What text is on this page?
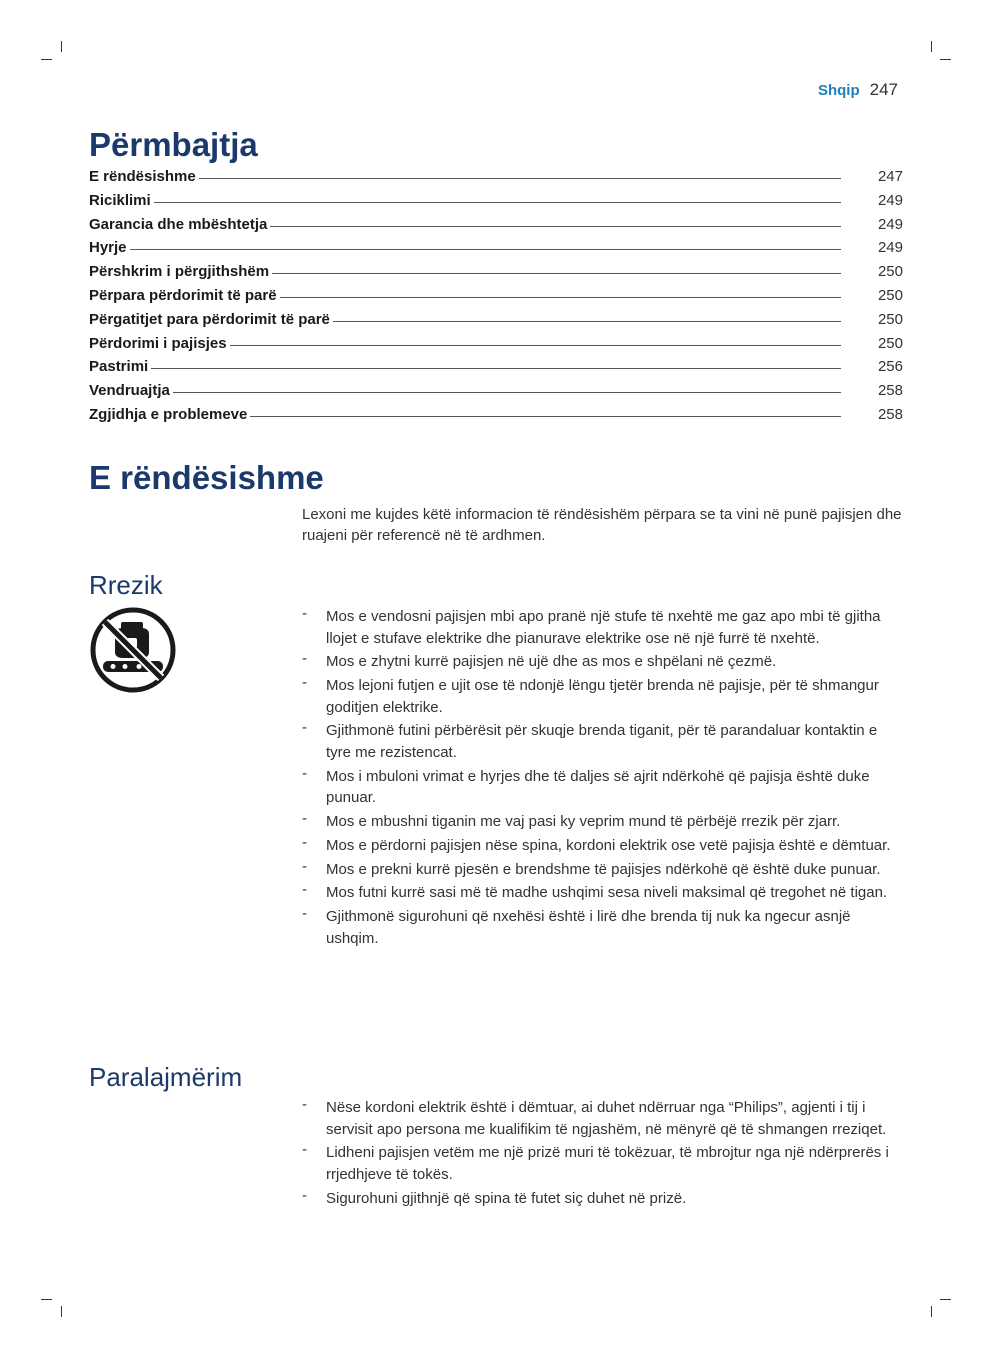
Shqip 247
Përmbajtja
E rëndësishme	247
Riciklimi	249
Garancia dhe mbështetja	249
Hyrje	249
Përshkrim i përgjithshëm	250
Përpara përdorimit të parë	250
Përgatitjet para përdorimit të parë	250
Përdorimi i pajisjes	250
Pastrimi	256
Vendruajtja	258
Zgjidhja e problemeve	258
E rëndësishme
Lexoni me kujdes këtë informacion të rëndësishëm përpara se ta vini në punë pajisjen dhe ruajeni për referencë në të ardhmen.
Rrezik
- Mos e vendosni pajisjen mbi apo pranë një stufe të nxehtë me gaz apo mbi të gjitha llojet e stufave elektrike dhe pianurave elektrike ose në një furrë të nxehtë.
- Mos e zhytni kurrë pajisjen në ujë dhe as mos e shpëlani në çezmë.
- Mos lejoni futjen e ujit ose të ndonjë lëngu tjetër brenda në pajisje, për të shmangur goditjen elektrike.
- Gjithmonë futini përbërësit për skuqje brenda tiganit, për të parandaluar kontaktin e tyre me rezistencat.
- Mos i mbuloni vrimat e hyrjes dhe të daljes së ajrit ndërkohë që pajisja është duke punuar.
- Mos e mbushni tiganin me vaj pasi ky veprim mund të përbëjë rrezik për zjarr.
- Mos e përdorni pajisjen nëse spina, kordoni elektrik ose vetë pajisja është e dëmtuar.
- Mos e prekni kurrë pjesën e brendshme të pajisjes ndërkohë që është duke punuar.
- Mos futni kurrë sasi më të madhe ushqimi sesa niveli maksimal që tregohet në tigan.
- Gjithmonë sigurohuni që nxehësi është i lirë dhe brenda tij nuk ka ngecur asnjë ushqim.
Paralajmërim
- Nëse kordoni elektrik është i dëmtuar, ai duhet ndërruar nga “Philips”, agjenti i tij i servisit apo persona me kualifikim të ngjashëm, në mënyrë që të shmangen rreziqet.
- Lidheni pajisjen vetëm me një prizë muri të tokëzuar, të mbrojtur nga një ndërprerës i rrjedhjeve të tokës.
- Sigurohuni gjithnjë që spina të futet siç duhet në prizë.
